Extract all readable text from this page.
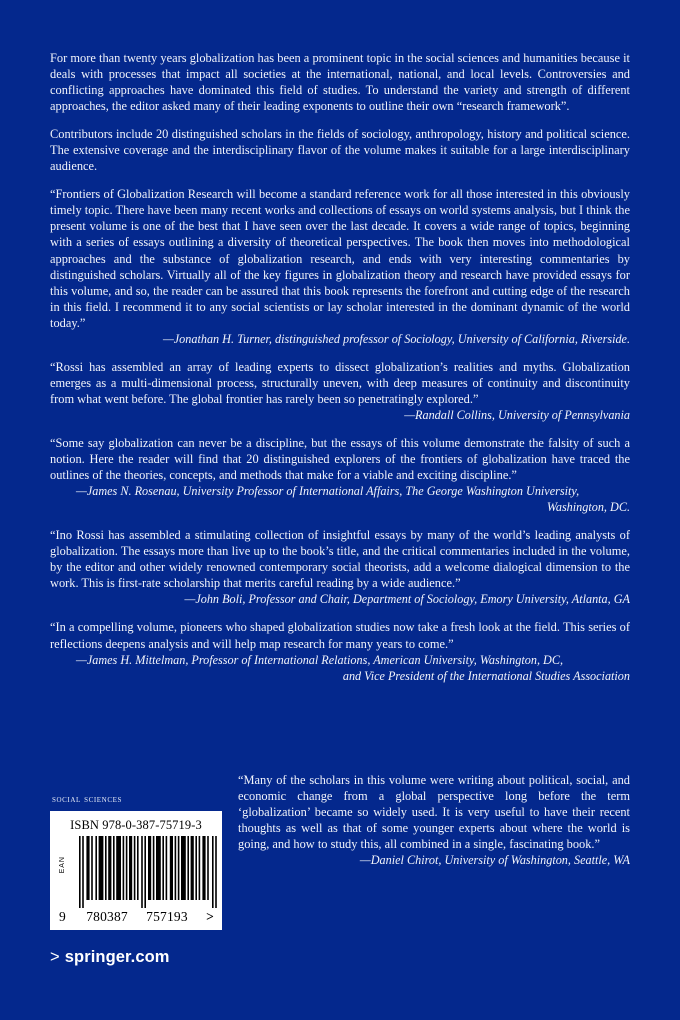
For more than twenty years globalization has been a prominent topic in the social sciences and humanities because it deals with processes that impact all societies at the international, national, and local levels. Controversies and conflicting approaches have dominated this field of studies. To understand the variety and strength of different approaches, the editor asked many of their leading exponents to outline their own “research framework”.

Contributors include 20 distinguished scholars in the fields of sociology, anthropology, history and political science. The extensive coverage and the interdisciplinary flavor of the volume makes it suitable for a large interdisciplinary audience.

“Frontiers of Globalization Research will become a standard reference work for all those interested in this obviously timely topic. There have been many recent works and collections of essays on world systems analysis, but I think the present volume is one of the best that I have seen over the last decade. It covers a wide range of topics, beginning with a series of essays outlining a diversity of theoretical perspectives. The book then moves into methodological approaches and the substance of globalization research, and ends with very interesting commentaries by distinguished scholars. Virtually all of the key figures in globalization theory and research have provided essays for this volume, and so, the reader can be assured that this book represents the forefront and cutting edge of the research in this field. I recommend it to any social scientists or lay scholar interested in the dominant dynamic of the world today.”

—Jonathan H. Turner, distinguished professor of Sociology, University of California, Riverside.

“Rossi has assembled an array of leading experts to dissect globalization’s realities and myths. Globalization emerges as a multi-dimensional process, structurally uneven, with deep measures of continuity and discontinuity from what went before. The global frontier has rarely been so penetratingly explored.”

—Randall Collins, University of Pennsylvania

“Some say globalization can never be a discipline, but the essays of this volume demonstrate the falsity of such a notion. Here the reader will find that 20 distinguished explorers of the frontiers of globalization have traced the outlines of the theories, concepts, and methods that make for a viable and exciting discipline.”

—James N. Rosenau, University Professor of International Affairs, The George Washington University,

Washington, DC.

“Ino Rossi has assembled a stimulating collection of insightful essays by many of the world’s leading analysts of globalization. The essays more than live up to the book’s title, and the critical commentaries included in the volume, by the editor and other widely renowned contemporary social theorists, add a welcome dialogical dimension to the work. This is first-rate scholarship that merits careful reading by a wide audience.”

—John Boli, Professor and Chair, Department of Sociology, Emory University, Atlanta, GA

“In a compelling volume, pioneers who shaped globalization studies now take a fresh look at the field. This series of reflections deepens analysis and will help map research for many years to come.”

—James H. Mittelman, Professor of International Relations, American University, Washington, DC,

and Vice President of the International Studies Association

“Many of the scholars in this volume were writing about political, social, and economic change from a global perspective long before the term ‘globalization’ became so widely used. It is very useful to have their recent thoughts as well as that of some younger experts about where the world is going, and how to study this, all combined in a single, fascinating book.”

—Daniel Chirot, University of Washington, Seattle, WA

social sciences
ISBN 978-0-387-75719-3
EAN
9 780387 757193 >
> springer.com
